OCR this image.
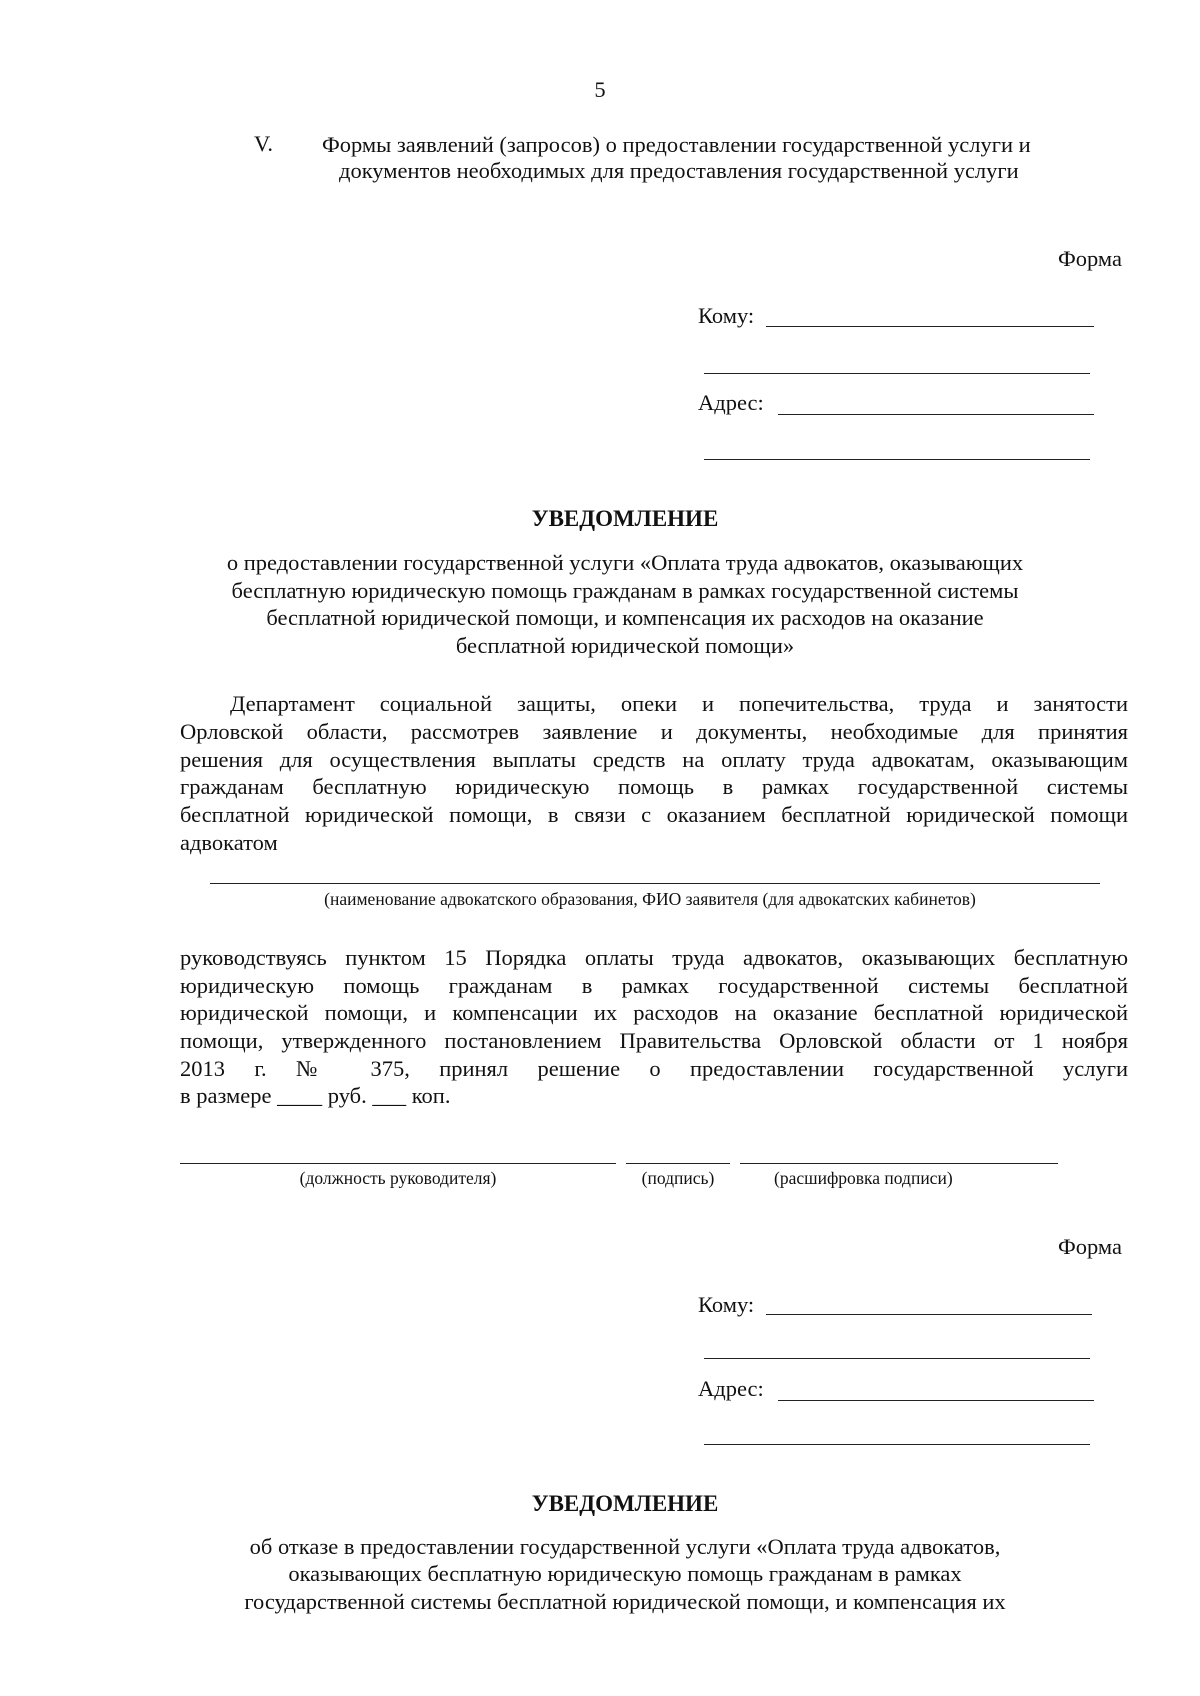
5
V. Формы заявлений (запросов) о предоставлении государственной услуги и
документов необходимых для предоставления государственной услуги
Форма
Кому:
Адрес:
УВЕДОМЛЕНИЕ
о предоставлении государственной услуги «Оплата труда адвокатов, оказывающих
бесплатную юридическую помощь гражданам в рамках государственной системы
бесплатной юридической помощи, и компенсация их расходов на оказание
бесплатной юридической помощи»
Департамент социальной защиты, опеки и попечительства, труда и занятости
Орловской области, рассмотрев заявление и документы, необходимые для принятия
решения для осуществления выплаты средств на оплату труда адвокатам, оказывающим
гражданам бесплатную юридическую помощь в рамках государственной системы
бесплатной юридической помощи, в связи с оказанием бесплатной юридической помощи
адвокатом
(наименование адвокатского образования, ФИО заявителя (для адвокатских кабинетов)
руководствуясь пунктом 15 Порядка оплаты труда адвокатов, оказывающих бесплатную
юридическую помощь гражданам в рамках государственной системы бесплатной
юридической помощи, и компенсации их расходов на оказание бесплатной юридической
помощи, утвержденного постановлением Правительства Орловской области от 1 ноября
2013 г. № 375, принял решение о предоставлении государственной услуги
в размере ____ руб. ___ коп.
(должность руководителя)	(подпись)	(расшифровка подписи)
Форма
Кому:
Адрес:
УВЕДОМЛЕНИЕ
об отказе в предоставлении государственной услуги «Оплата труда адвокатов,
оказывающих бесплатную юридическую помощь гражданам в рамках
государственной системы бесплатной юридической помощи, и компенсация их
